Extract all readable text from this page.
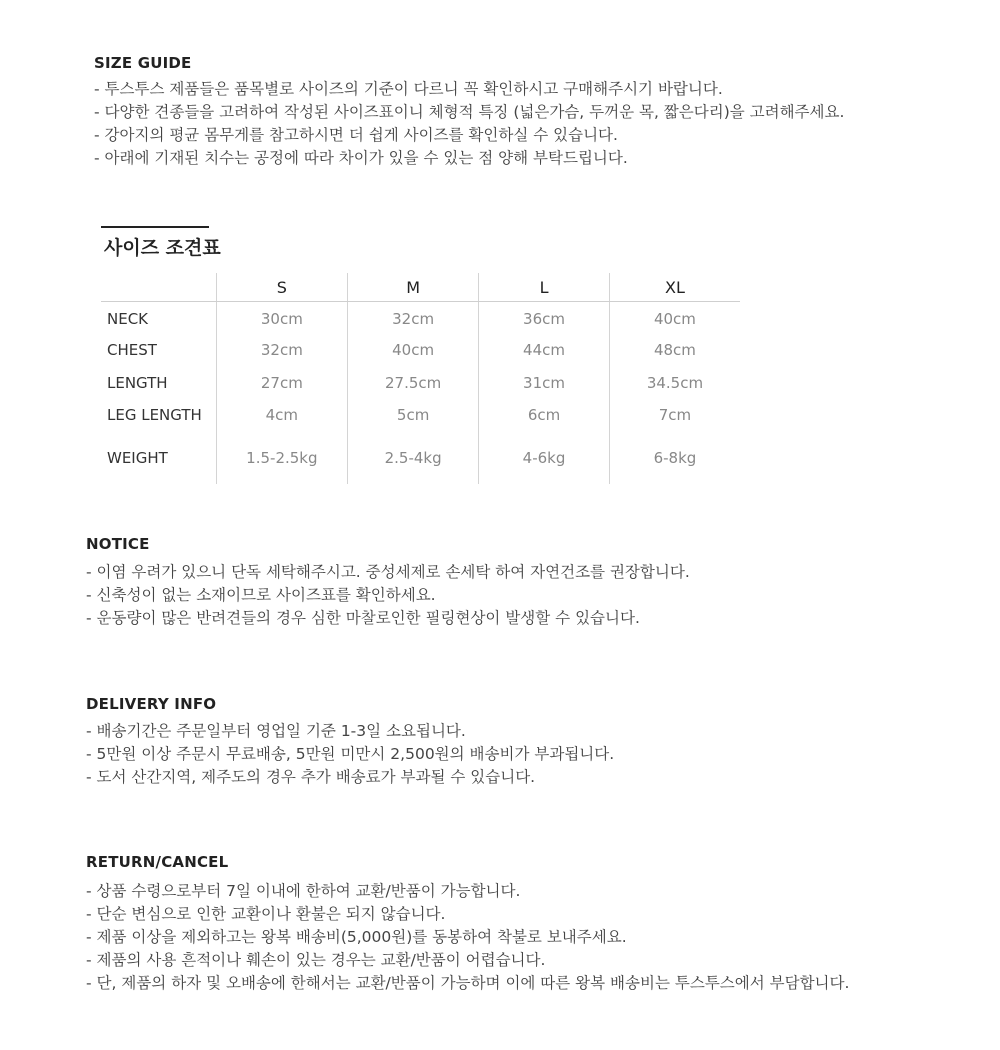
SIZE GUIDE
- 투스투스 제품들은 품목별로 사이즈의 기준이 다르니 꼭 확인하시고 구매해주시기 바랍니다.
- 다양한 견종들을 고려하여 작성된 사이즈표이니 체형적 특징 (넓은가슴, 두꺼운 목, 짧은다리)을 고려해주세요.
- 강아지의 평균 몸무게를 참고하시면 더 쉽게 사이즈를 확인하실 수 있습니다.
- 아래에 기재된 치수는 공정에 따라 차이가 있을 수 있는 점 양해 부탁드립니다.
사이즈 조견표
	S	M	L	XL
NECK	30cm	32cm	36cm	40cm
CHEST	32cm	40cm	44cm	48cm
LENGTH	27cm	27.5cm	31cm	34.5cm
LEG LENGTH	4cm	5cm	6cm	7cm
WEIGHT	1.5-2.5kg	2.5-4kg	4-6kg	6-8kg
NOTICE
- 이염 우려가 있으니 단독 세탁해주시고. 중성세제로 손세탁 하여 자연건조를 권장합니다.
- 신축성이 없는 소재이므로 사이즈표를 확인하세요.
- 운동량이 많은 반려견들의 경우 심한 마찰로인한 필링현상이 발생할 수 있습니다.
DELIVERY INFO
- 배송기간은 주문일부터 영업일 기준 1-3일 소요됩니다.
- 5만원 이상 주문시 무료배송, 5만원 미만시 2,500원의 배송비가 부과됩니다.
- 도서 산간지역, 제주도의 경우 추가 배송료가 부과될 수 있습니다.
RETURN/CANCEL
- 상품 수령으로부터 7일 이내에 한하여 교환/반품이 가능합니다.
- 단순 변심으로 인한 교환이나 환불은 되지 않습니다.
- 제품 이상을 제외하고는 왕복 배송비(5,000원)를 동봉하여 착불로 보내주세요.
- 제품의 사용 흔적이나 훼손이 있는 경우는 교환/반품이 어렵습니다.
- 단, 제품의 하자 및 오배송에 한해서는 교환/반품이 가능하며 이에 따른 왕복 배송비는 투스투스에서 부담합니다.
